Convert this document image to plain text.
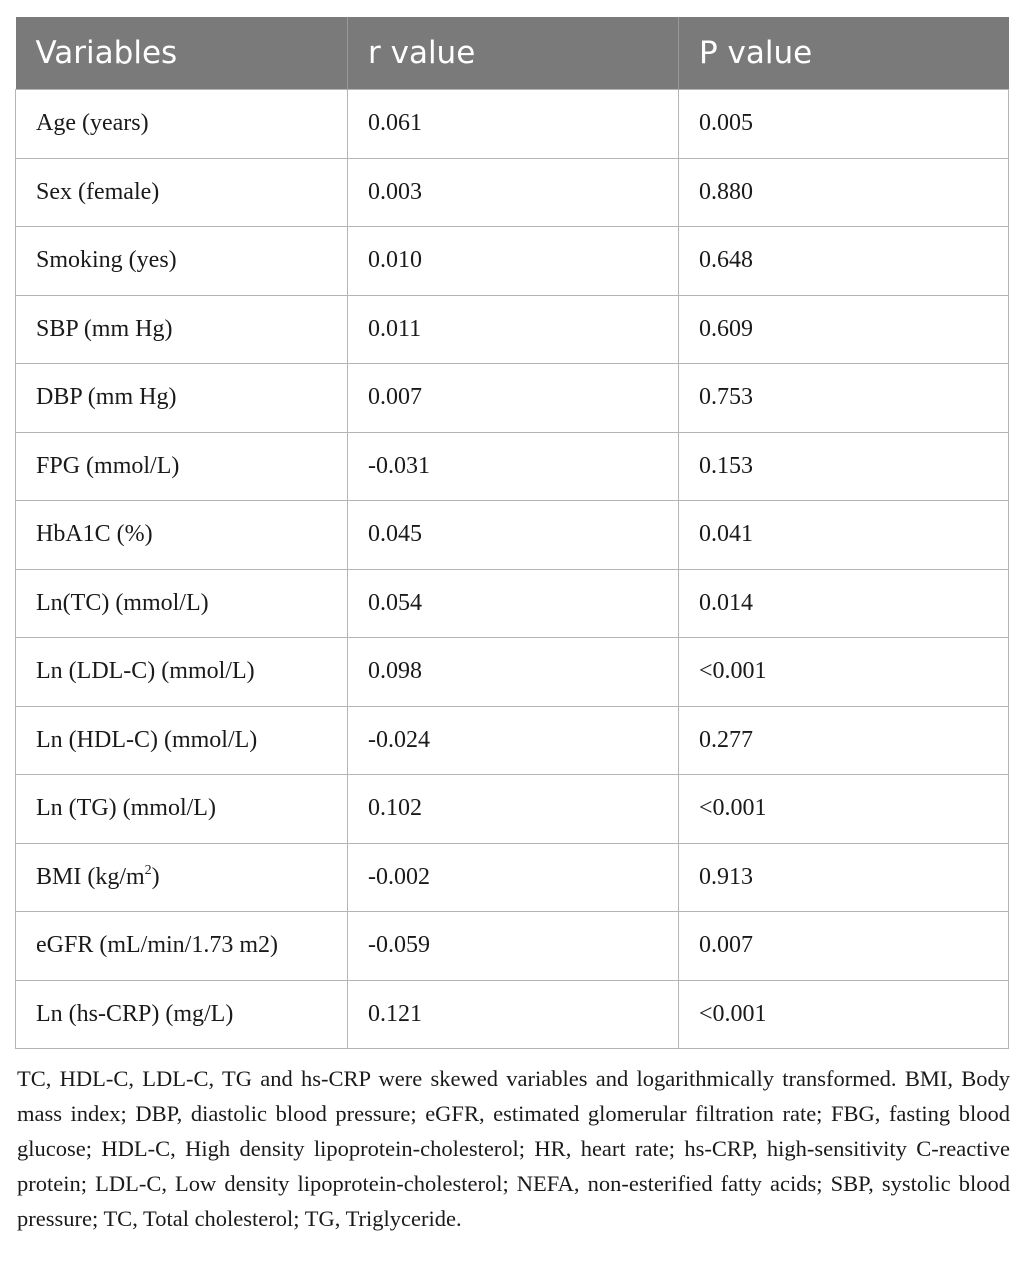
Variables	r value	P value
Age (years)	0.061	0.005
Sex (female)	0.003	0.880
Smoking (yes)	0.010	0.648
SBP (mm Hg)	0.011	0.609
DBP (mm Hg)	0.007	0.753
FPG (mmol/L)	-0.031	0.153
HbA1C (%)	0.045	0.041
Ln(TC) (mmol/L)	0.054	0.014
Ln (LDL-C) (mmol/L)	0.098	<0.001
Ln (HDL-C) (mmol/L)	-0.024	0.277
Ln (TG) (mmol/L)	0.102	<0.001
BMI $(kg/m^2)$	-0.002	0.913
eGFR (mL/min/1.73 m2)	-0.059	0.007
Ln (hs-CRP) (mg/L)	0.121	<0.001
TC, HDL-C, LDL-C, TG and hs-CRP were skewed variables and logarithmically transformed. BMI, Body mass index; DBP, diastolic blood pressure; eGFR, estimated glomerular filtration rate; FBG, fasting blood glucose; HDL-C, High density lipoprotein-cholesterol; HR, heart rate; hs-CRP, high-sensitivity C-reactive protein; LDL-C, Low density lipoprotein-cholesterol; NEFA, non-esterified fatty acids; SBP, systolic blood pressure; TC, Total cholesterol; TG, Triglyceride.
